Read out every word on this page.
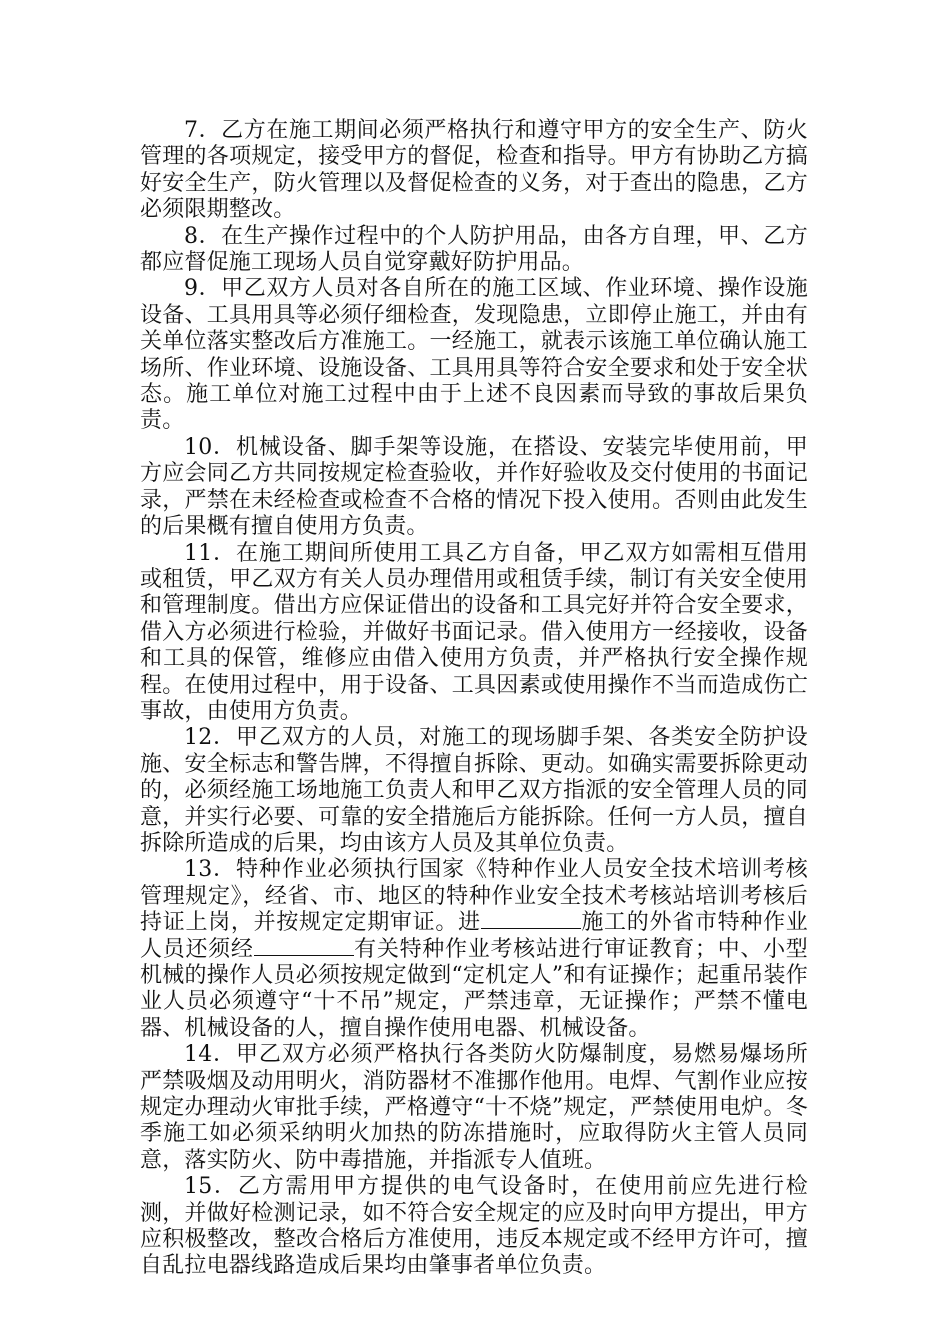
7．乙方在施工期间必须严格执行和遵守甲方的安全生产、防火管理的各项规定，接受甲方的督促，检查和指导。甲方有协助乙方搞好安全生产，防火管理以及督促检查的义务，对于查出的隐患，乙方必须限期整改。

8．在生产操作过程中的个人防护用品，由各方自理，甲、乙方都应督促施工现场人员自觉穿戴好防护用品。

9．甲乙双方人员对各自所在的施工区域、作业环境、操作设施设备、工具用具等必须仔细检查，发现隐患，立即停止施工，并由有关单位落实整改后方准施工。一经施工，就表示该施工单位确认施工场所、作业环境、设施设备、工具用具等符合安全要求和处于安全状态。施工单位对施工过程中由于上述不良因素而导致的事故后果负责。

10．机械设备、脚手架等设施，在搭设、安装完毕使用前，甲方应会同乙方共同按规定检查验收，并作好验收及交付使用的书面记录，严禁在未经检查或检查不合格的情况下投入使用。否则由此发生的后果概有擅自使用方负责。

11．在施工期间所使用工具乙方自备，甲乙双方如需相互借用或租赁，甲乙双方有关人员办理借用或租赁手续，制订有关安全使用和管理制度。借出方应保证借出的设备和工具完好并符合安全要求，借入方必须进行检验，并做好书面记录。借入使用方一经接收，设备和工具的保管，维修应由借入使用方负责，并严格执行安全操作规程。在使用过程中，用于设备、工具因素或使用操作不当而造成伤亡事故，由使用方负责。

12．甲乙双方的人员，对施工的现场脚手架、各类安全防护设施、安全标志和警告牌，不得擅自拆除、更动。如确实需要拆除更动的，必须经施工场地施工负责人和甲乙双方指派的安全管理人员的同意，并实行必要、可靠的安全措施后方能拆除。任何一方人员，擅自拆除所造成的后果，均由该方人员及其单位负责。

13．特种作业必须执行国家《特种作业人员安全技术培训考核管理规定》，经省、市、地区的特种作业安全技术考核站培训考核后持证上岗，并按规定定期审证。进	施工的外省市特种作业人员还须经	有关特种作业考核站进行审证教育；中、小型机械的操作人员必须按规定做到“定机定人”和有证操作；起重吊装作业人员必须遵守“十不吊”规定，严禁违章，无证操作；严禁不懂电器、机械设备的人，擅自操作使用电器、机械设备。

14．甲乙双方必须严格执行各类防火防爆制度，易燃易爆场所严禁吸烟及动用明火，消防器材不准挪作他用。电焊、气割作业应按规定办理动火审批手续，严格遵守“十不烧”规定，严禁使用电炉。冬季施工如必须采纳明火加热的防冻措施时，应取得防火主管人员同意，落实防火、防中毒措施，并指派专人值班。

15．乙方需用甲方提供的电气设备时，在使用前应先进行检测，并做好检测记录，如不符合安全规定的应及时向甲方提出，甲方应积极整改，整改合格后方准使用，违反本规定或不经甲方许可，擅自乱拉电器线路造成后果均由肇事者单位负责。
